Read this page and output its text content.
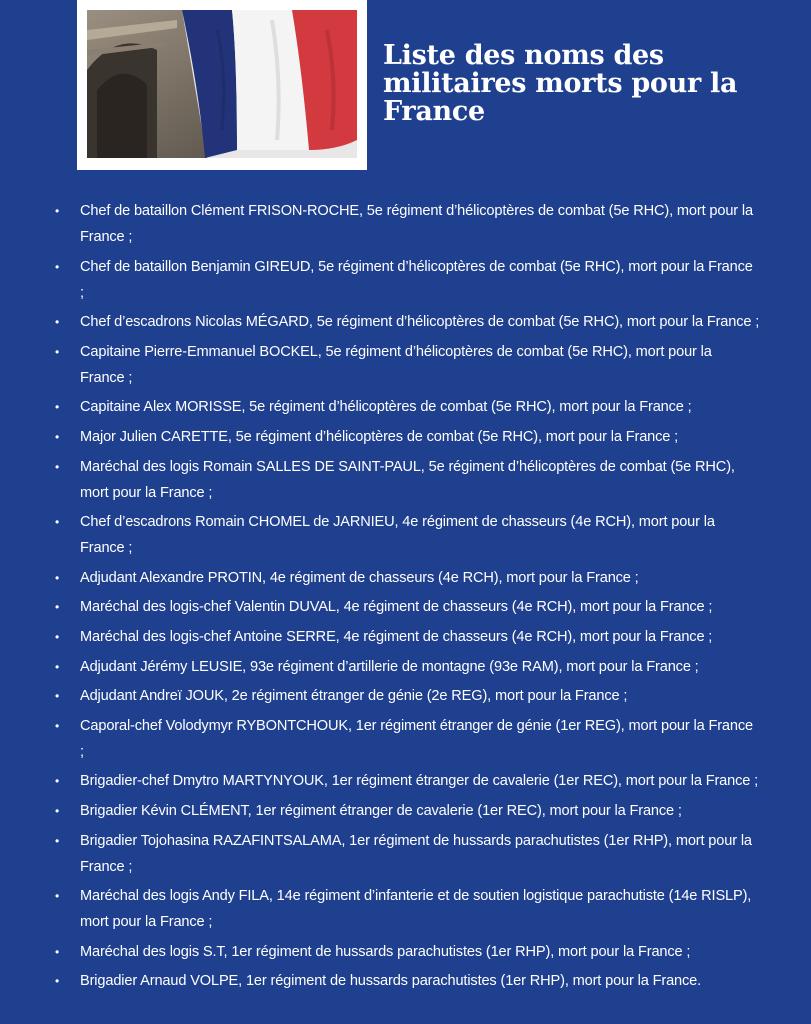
Liste des noms des militaires morts pour la France
• Chef de bataillon Clément FRISON-ROCHE, 5e régiment d’hélicoptères de combat (5e RHC), mort pour la France ;
• Chef de bataillon Benjamin GIREUD, 5e régiment d’hélicoptères de combat (5e RHC), mort pour la France ;
• Chef d’escadrons Nicolas MÉGARD, 5e régiment d’hélicoptères de combat (5e RHC), mort pour la France ;
• Capitaine Pierre-Emmanuel BOCKEL, 5e régiment d’hélicoptères de combat (5e RHC), mort pour la France ;
• Capitaine Alex MORISSE, 5e régiment d’hélicoptères de combat (5e RHC), mort pour la France ;
• Major Julien CARETTE, 5e régiment d’hélicoptères de combat (5e RHC), mort pour la France ;
• Maréchal des logis Romain SALLES DE SAINT-PAUL, 5e régiment d’hélicoptères de combat (5e RHC), mort pour la France ;
• Chef d’escadrons Romain CHOMEL de JARNIEU, 4e régiment de chasseurs (4e RCH), mort pour la France ;
• Adjudant Alexandre PROTIN, 4e régiment de chasseurs (4e RCH), mort pour la France ;
• Maréchal des logis-chef Valentin DUVAL, 4e régiment de chasseurs (4e RCH), mort pour la France ;
• Maréchal des logis-chef Antoine SERRE, 4e régiment de chasseurs (4e RCH), mort pour la France ;
• Adjudant Jérémy LEUSIE, 93e régiment d’artillerie de montagne (93e RAM), mort pour la France ;
• Adjudant Andreï JOUK, 2e régiment étranger de génie (2e REG), mort pour la France ;
• Caporal-chef Volodymyr RYBONTCHOUK, 1er régiment étranger de génie (1er REG), mort pour la France ;
• Brigadier-chef Dmytro MARTYNYOUK, 1er régiment étranger de cavalerie (1er REC), mort pour la France ;
• Brigadier Kévin CLÉMENT, 1er régiment étranger de cavalerie (1er REC), mort pour la France ;
• Brigadier Tojohasina RAZAFINTSALAMA, 1er régiment de hussards parachutistes (1er RHP), mort pour la France ;
• Maréchal des logis Andy FILA, 14e régiment d’infanterie et de soutien logistique parachutiste (14e RISLP), mort pour la France ;
• Maréchal des logis S.T, 1er régiment de hussards parachutistes (1er RHP), mort pour la France ;
• Brigadier Arnaud VOLPE, 1er régiment de hussards parachutistes (1er RHP), mort pour la France.
